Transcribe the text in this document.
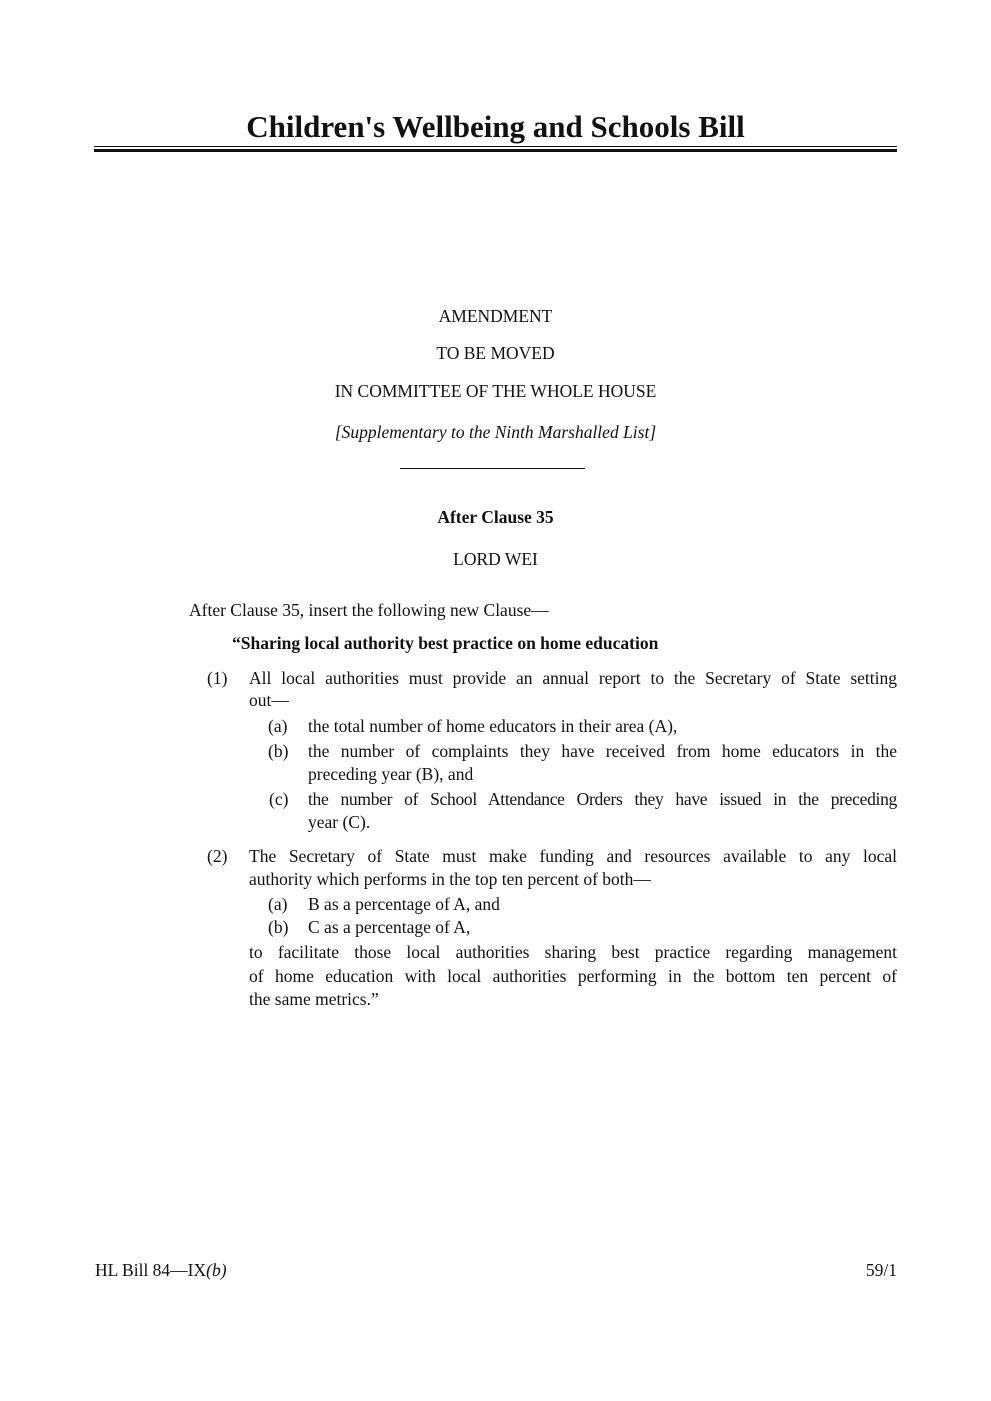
Children's Wellbeing and Schools Bill
AMENDMENT
TO BE MOVED
IN COMMITTEE OF THE WHOLE HOUSE
[Supplementary to the Ninth Marshalled List]
After Clause 35
LORD WEI
After Clause 35, insert the following new Clause—
“Sharing local authority best practice on home education
(1) All local authorities must provide an annual report to the Secretary of State setting
out—
(a) the total number of home educators in their area (A),
(b) the number of complaints they have received from home educators in the
preceding year (B), and
(c) the number of School Attendance Orders they have issued in the preceding
year (C).
(2) The Secretary of State must make funding and resources available to any local
authority which performs in the top ten percent of both—
(a) B as a percentage of A, and
(b) C as a percentage of A,
to facilitate those local authorities sharing best practice regarding management
of home education with local authorities performing in the bottom ten percent of
the same metrics.”
HL Bill 84—IX(b)	59/1
